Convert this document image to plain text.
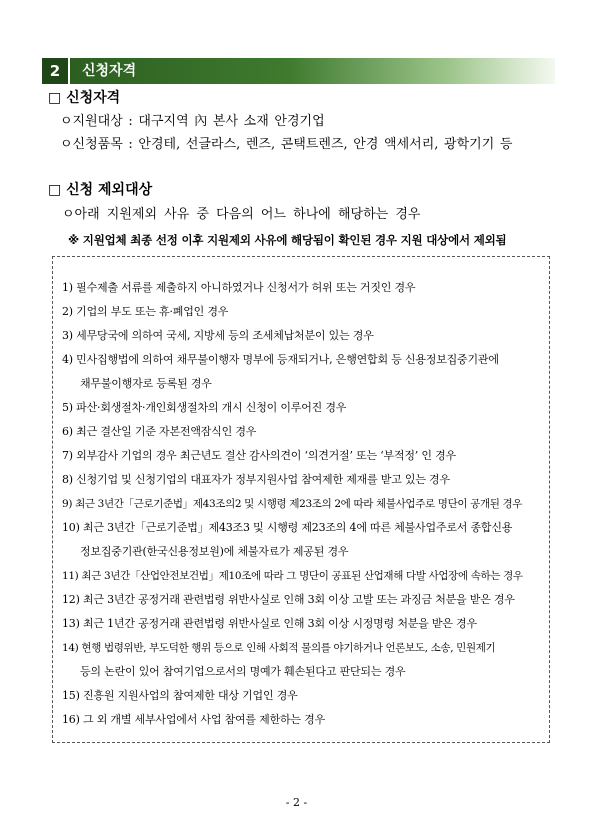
2	신청자격
□ 신청자격
ㅇ지원대상 : 대구지역 內 본사 소재 안경기업
ㅇ신청품목 : 안경테, 선글라스, 렌즈, 콘택트렌즈, 안경 액세서리, 광학기기 등
□ 신청 제외대상
ㅇ아래 지원제외 사유 중 다음의 어느 하나에 해당하는 경우
※ 지원업체 최종 선정 이후 지원제외 사유에 해당됨이 확인된 경우 지원 대상에서 제외됨
1) 필수제출 서류를 제출하지 아니하였거나 신청서가 허위 또는 거짓인 경우
2) 기업의 부도 또는 휴·폐업인 경우
3) 세무당국에 의하여 국세, 지방세 등의 조세체납처분이 있는 경우
4) 민사집행법에 의하여 채무불이행자 명부에 등재되거나, 은행연합회 등 신용정보집중기관에
채무불이행자로 등록된 경우
5) 파산·회생절차·개인회생절차의 개시 신청이 이루어진 경우
6) 최근 결산일 기준 자본전액잠식인 경우
7) 외부감사 기업의 경우 최근년도 결산 감사의견이 ‘의견거절’ 또는 ‘부적정’ 인 경우
8) 신청기업 및 신청기업의 대표자가 정부지원사업 참여제한 제재를 받고 있는 경우
9) 최근 3년간「근로기준법」제43조의2 및 시행령 제23조의 2에 따라 체불사업주로 명단이 공개된 경우
10) 최근 3년간「근로기준법」제43조3 및 시행령 제23조의 4에 따른 체불사업주로서 종합신용
정보집중기관(한국신용정보원)에 체불자료가 제공된 경우
11) 최근 3년간「산업안전보건법」제10조에 따라 그 명단이 공표된 산업재해 다발 사업장에 속하는 경우
12) 최근 3년간 공정거래 관련법령 위반사실로 인해 3회 이상 고발 또는 과징금 처분을 받은 경우
13) 최근 1년간 공정거래 관련법령 위반사실로 인해 3회 이상 시정명령 처분을 받은 경우
14) 현행 법령위반, 부도덕한 행위 등으로 인해 사회적 물의를 야기하거나 언론보도, 소송, 민원제기
등의 논란이 있어 참여기업으로서의 명예가 훼손된다고 판단되는 경우
15) 진흥원 지원사업의 참여제한 대상 기업인 경우
16) 그 외 개별 세부사업에서 사업 참여를 제한하는 경우
- 2 -
